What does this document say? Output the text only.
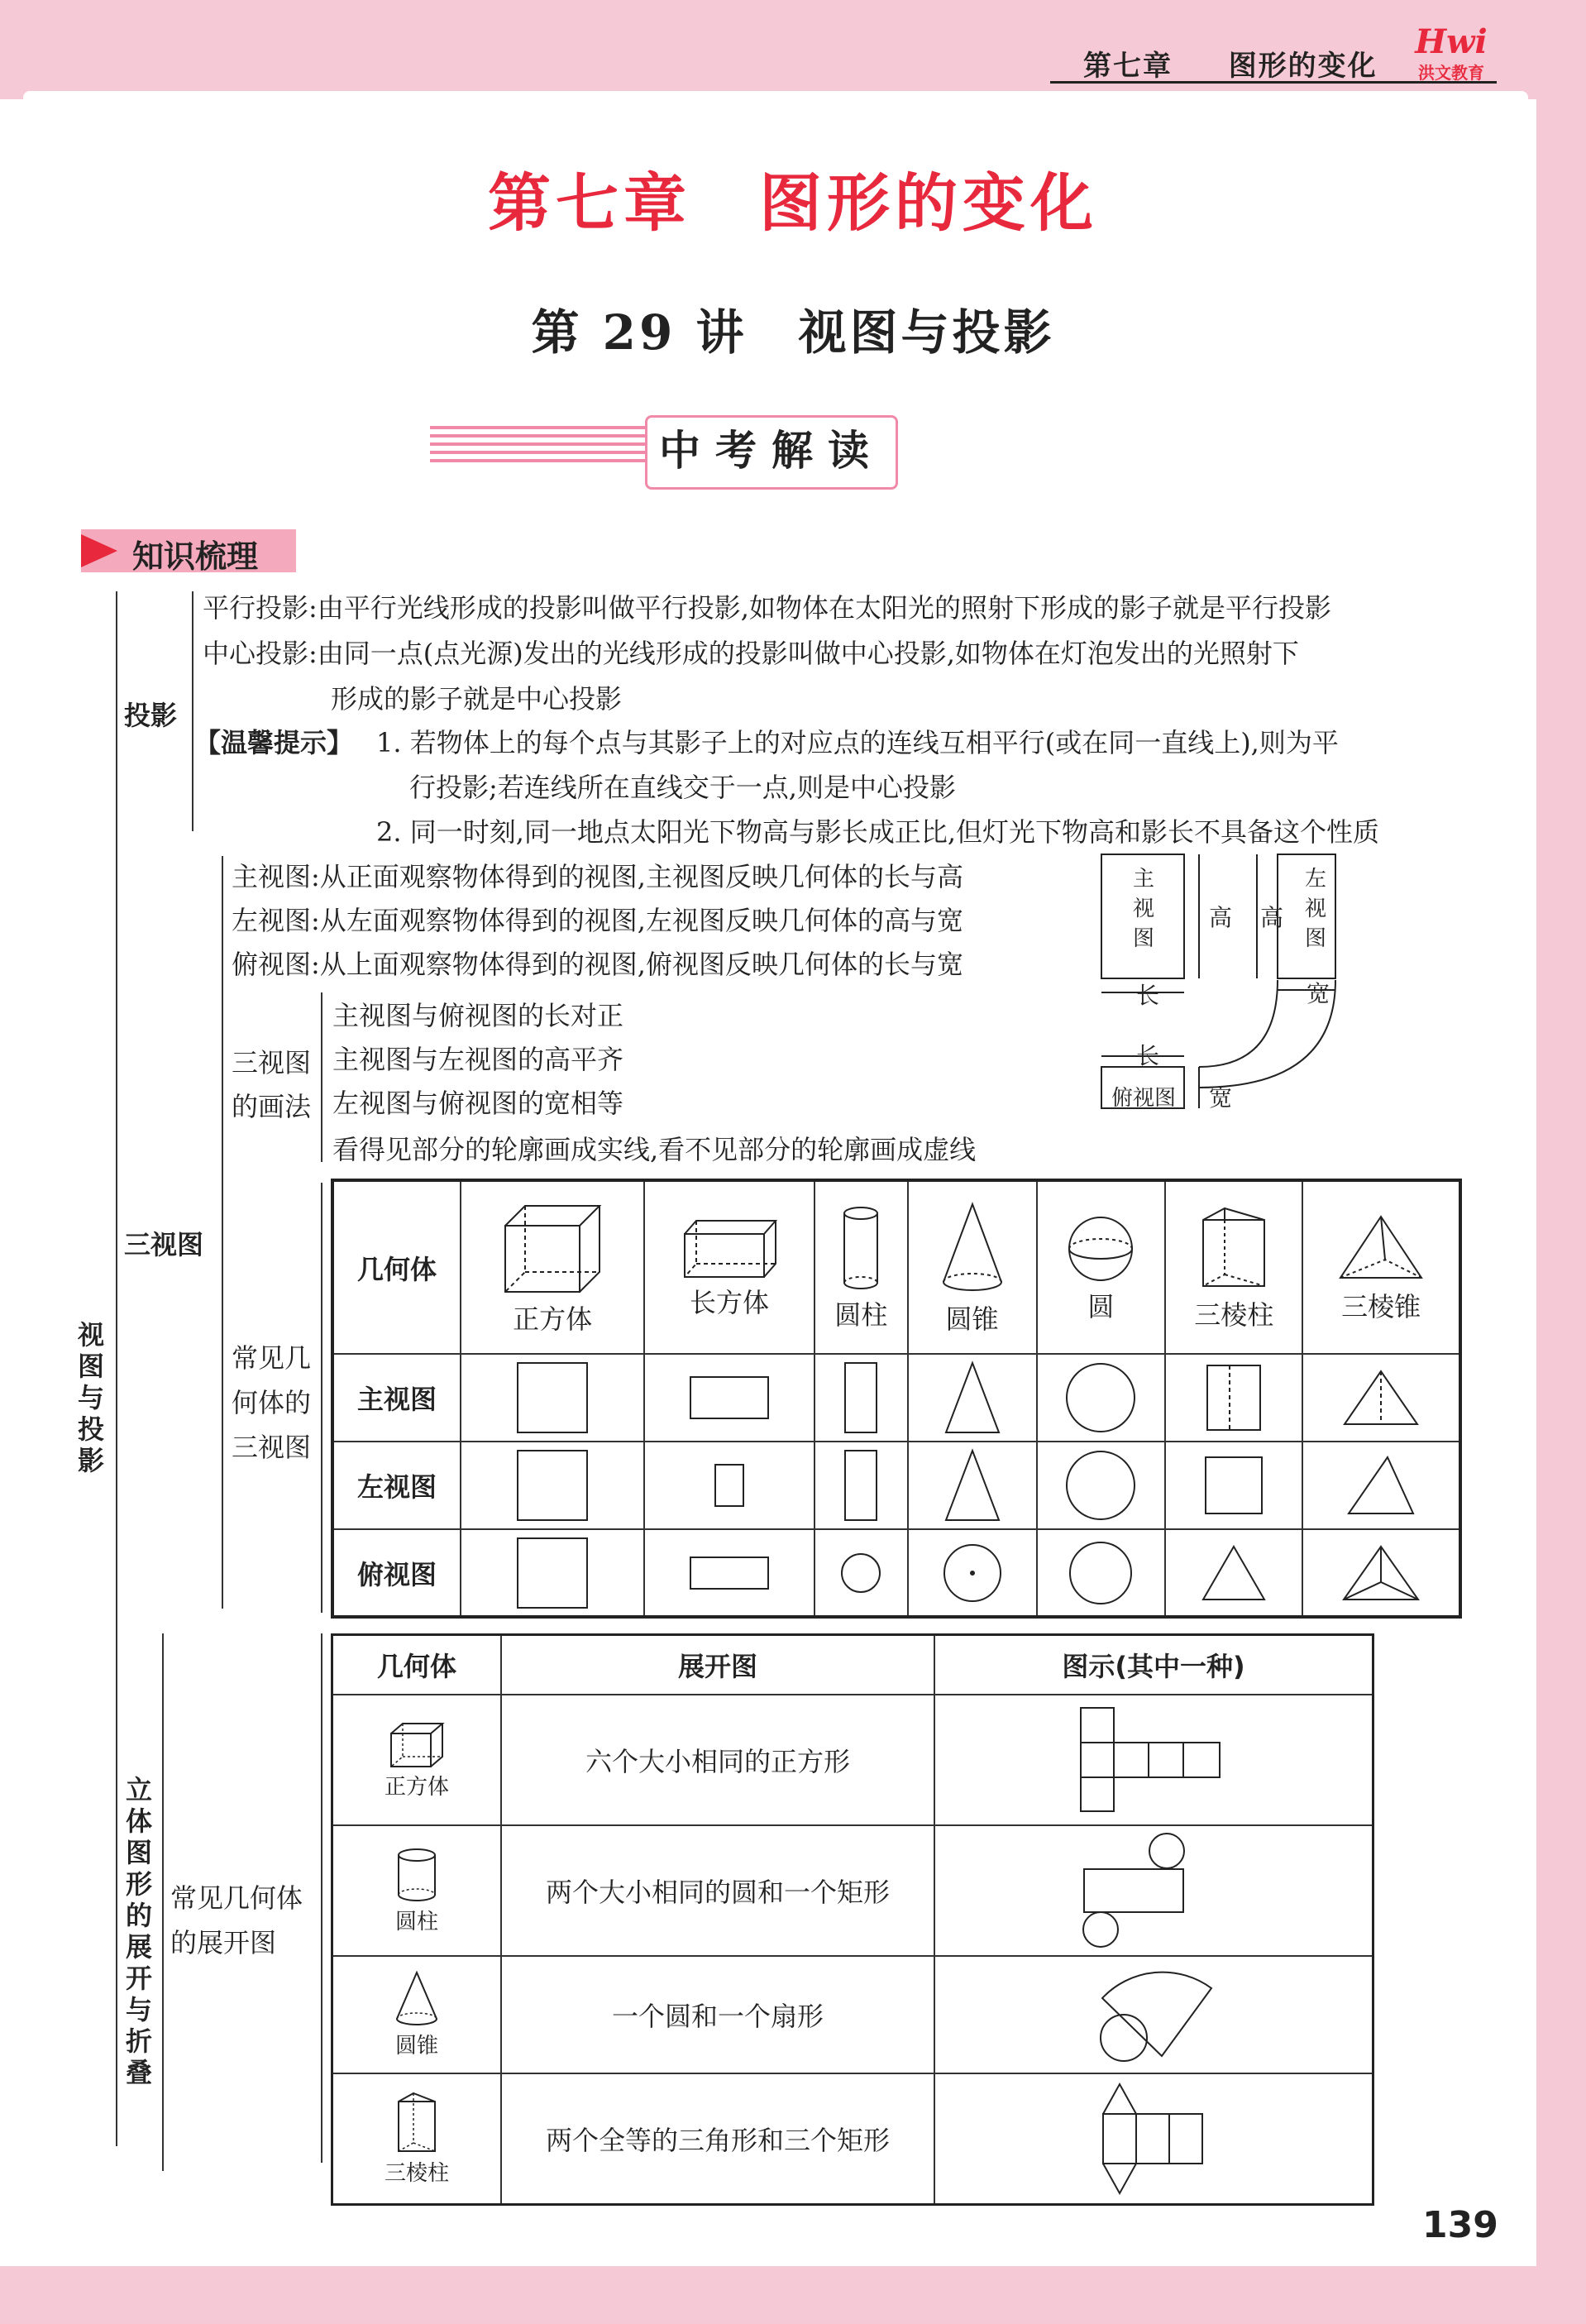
第七章 图形的变化
Hwi
洪文教育
第七章　图形的变化
第 29 讲　视图与投影
中考解读
知识梳理
视图与投影
投影
平行投影:由平行光线形成的投影叫做平行投影,如物体在太阳光的照射下形成的影子就是平行投影
中心投影:由同一点(点光源)发出的光线形成的投影叫做中心投影,如物体在灯泡发出的光照射下
形成的影子就是中心投影
【温馨提示】 1. 若物体上的每个点与其影子上的对应点的连线互相平行(或在同一直线上),则为平
行投影;若连线所在直线交于一点,则是中心投影
2. 同一时刻,同一地点太阳光下物高与影长成正比,但灯光下物高和影长不具备这个性质
三视图
主视图:从正面观察物体得到的视图,主视图反映几何体的长与高
左视图:从左面观察物体得到的视图,左视图反映几何体的高与宽
俯视图:从上面观察物体得到的视图,俯视图反映几何体的长与宽
三视图
的画法
主视图与俯视图的长对正
主视图与左视图的高平齐
左视图与俯视图的宽相等
看得见部分的轮廓画成实线,看不见部分的轮廓画成虚线
主
视
图
左
视
图
高 高
长	宽
长
俯视图 宽
常见几
何体的
三视图
几何体	正方体	长方体	圆柱	圆锥	圆	三棱柱	三棱锥

主视图	

左视图	

俯视图	

立体图形的展开与折叠
常见几何体
的展开图
几何体	展开图	图示(其中一种)

正方体	六个大小相同的正方形	

圆柱	两个大小相同的圆和一个矩形	

圆锥	一个圆和一个扇形	

三棱柱	两个全等的三角形和三个矩形	
139
